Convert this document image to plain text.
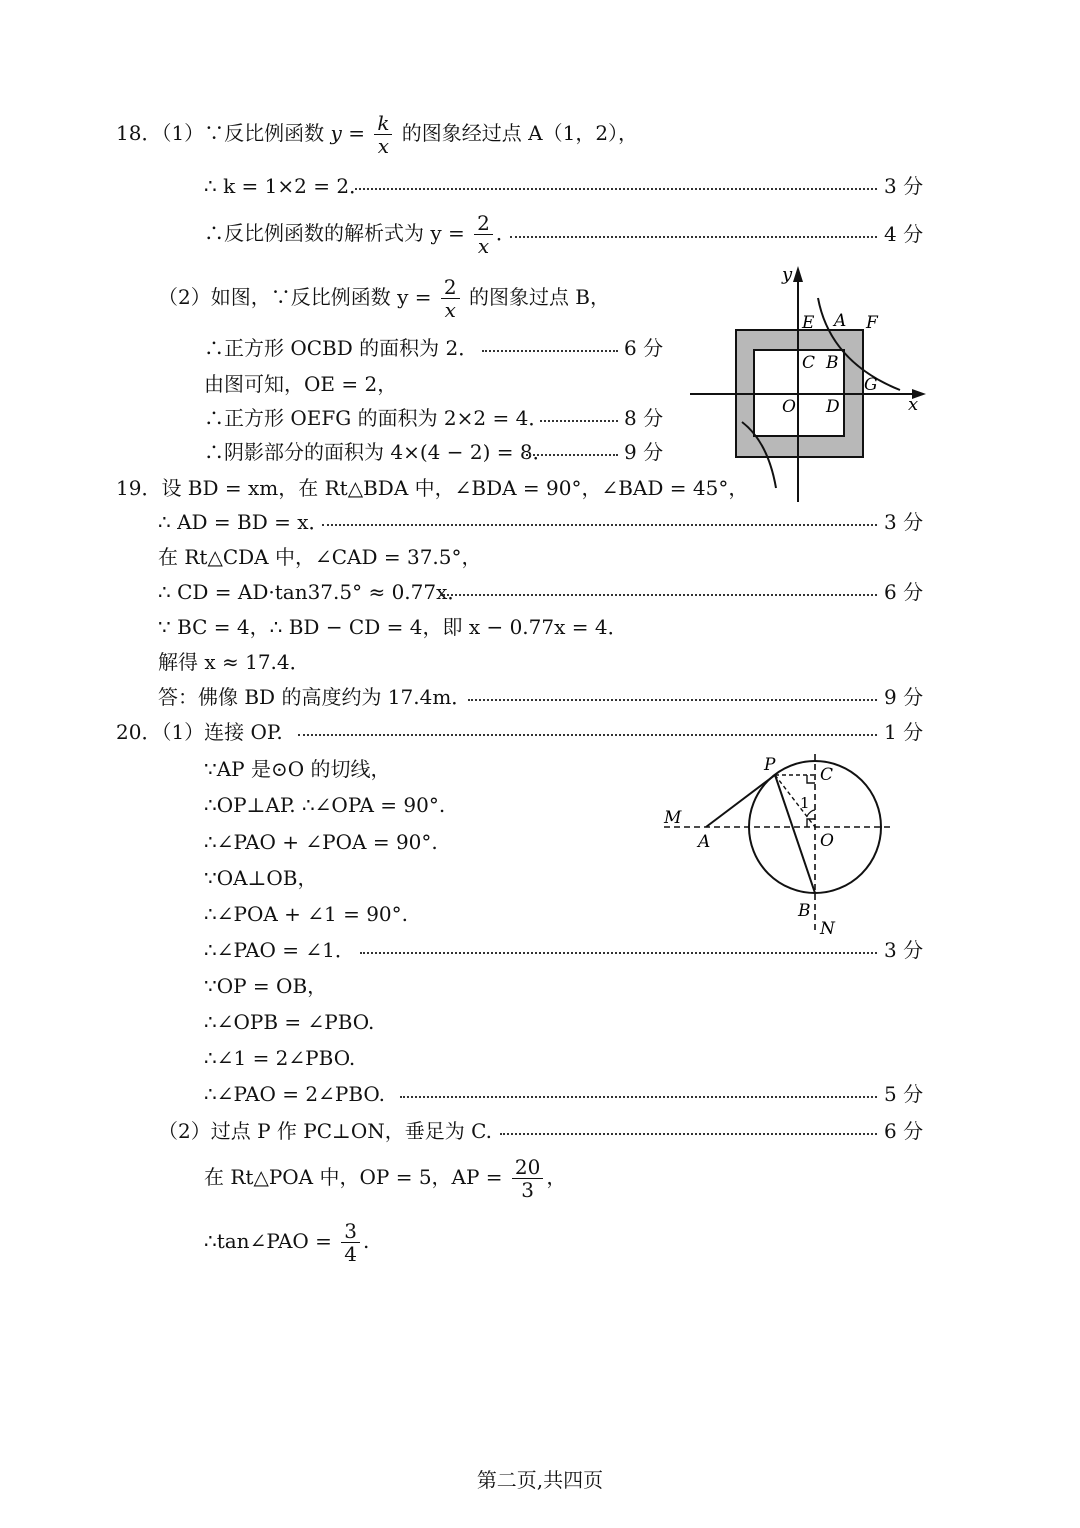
18．（1）∵反比例函数 $y = \frac{k}{x}$ 的图象经过点 A（1，2），
∴ k = 1×2 = 2．	3 分
∴反比例函数的解析式为 $y = \frac{2}{x}$ ．	4 分
（2）如图，∵反比例函数 $y = \frac{2}{x}$ 的图象过点 B，
∴正方形 OCBD 的面积为 2．	6 分
由图可知，OE = 2，
∴正方形 OEFG 的面积为 2×2 = 4．	8 分
∴阴影部分的面积为 4×(4 − 2) = 8．	9 分
y
x
E A F
C B
G
O D
19．设 BD = xm，在 Rt△BDA 中，∠BDA = 90°，∠BAD = 45°，
∴ AD = BD = x．	3 分
在 Rt△CDA 中，∠CAD = 37.5°，
∴ CD = AD·tan37.5° ≈ 0.77x．	6 分
∵ BC = 4，∴ BD − CD = 4，即 x − 0.77x = 4．
解得 x ≈ 17.4．
答：佛像 BD 的高度约为 17.4m．	9 分
20．（1）连接 OP.	1 分
∵AP 是⊙O 的切线，
∴OP⊥AP. ∴∠OPA = 90°.
∴∠PAO + ∠POA = 90°.
∵OA⊥OB，
∴∠POA + ∠1 = 90°.
∴∠PAO = ∠1．	3 分
∵OP = OB，
∴∠OPB = ∠PBO.
∴∠1 = 2∠PBO.
∴∠PAO = 2∠PBO.	5 分
（2）过点 P 作 PC⊥ON，垂足为 C.	6 分
在 Rt△POA 中，OP = 5，AP = $\frac{20}{3}$ ，
∴tan∠PAO = $\frac{3}{4}$ .
P	C
M
A	O
B
N
1
第二页,共四页
